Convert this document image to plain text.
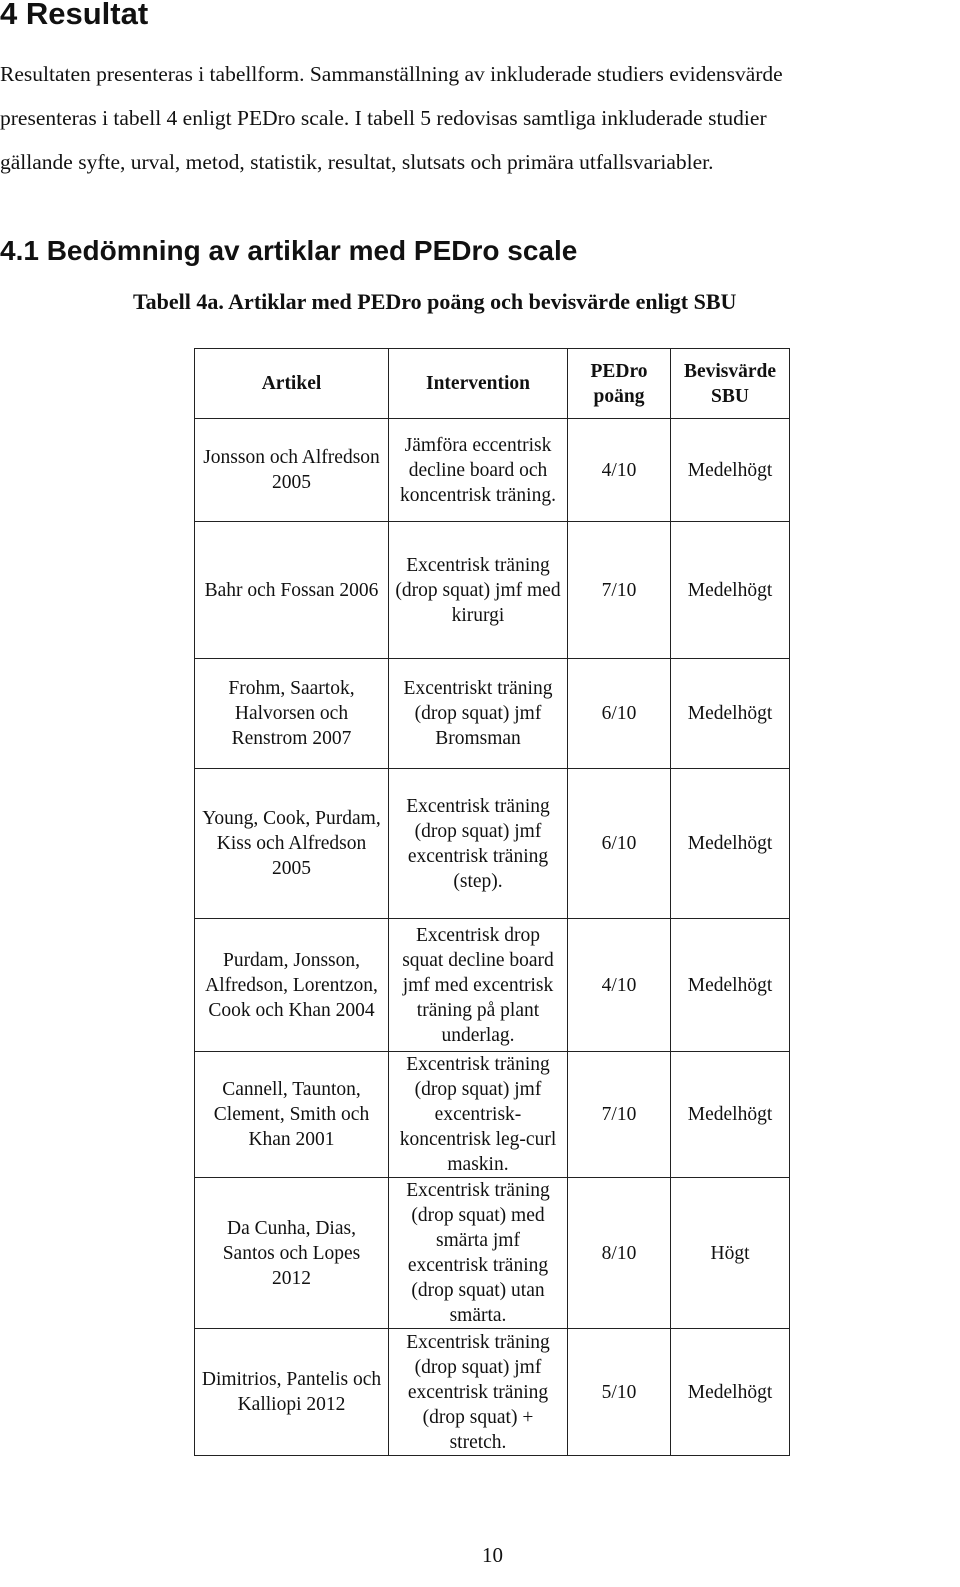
4 Resultat
Resultaten presenteras i tabellform. Sammanställning av inkluderade studiers evidensvärde
presenteras i tabell 4 enligt PEDro scale. I tabell 5 redovisas samtliga inkluderade studier
gällande syfte, urval, metod, statistik, resultat, slutsats och primära utfallsvariabler.
4.1 Bedömning av artiklar med PEDro scale
Tabell 4a. Artiklar med PEDro poäng och bevisvärde enligt SBU
Artikel	Intervention	PEDro poäng	Bevisvärde SBU
Jonsson och Alfredson 2005	Jämföra eccentrisk decline board och koncentrisk träning.	4/10	Medelhögt
Bahr och Fossan 2006	Excentrisk träning (drop squat) jmf med kirurgi	7/10	Medelhögt
Frohm, Saartok, Halvorsen och Renstrom 2007	Excentriskt träning (drop squat) jmf Bromsman	6/10	Medelhögt
Young, Cook, Purdam, Kiss och Alfredson 2005	Excentrisk träning (drop squat) jmf excentrisk träning (step).	6/10	Medelhögt
Purdam, Jonsson, Alfredson, Lorentzon, Cook och Khan 2004	Excentrisk drop squat decline board jmf med excentrisk träning på plant underlag.	4/10	Medelhögt
Cannell, Taunton, Clement, Smith och Khan 2001	Excentrisk träning (drop squat) jmf excentrisk-koncentrisk leg-curl maskin.	7/10	Medelhögt
Da Cunha, Dias, Santos och Lopes 2012	Excentrisk träning (drop squat) med smärta jmf excentrisk träning (drop squat) utan smärta.	8/10	Högt
Dimitrios, Pantelis och Kalliopi 2012	Excentrisk träning (drop squat) jmf excentrisk träning (drop squat) + stretch.	5/10	Medelhögt
10
